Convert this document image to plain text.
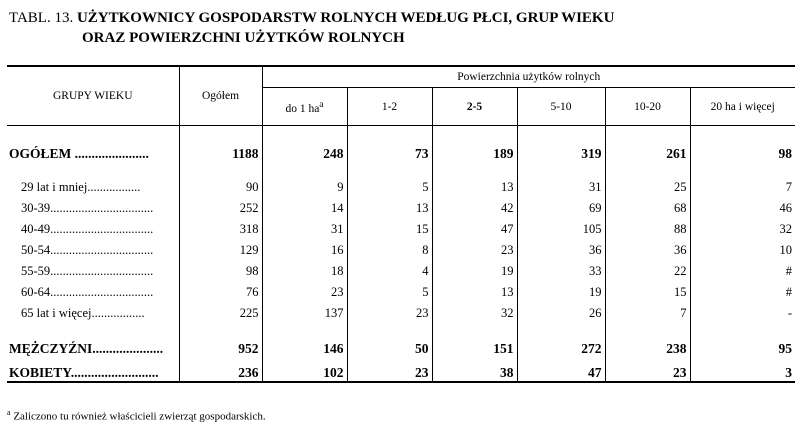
TABL. 13. UŻYTKOWNICY GOSPODARSTW ROLNYCH WEDŁUG PŁCI, GRUP WIEKU
ORAZ POWIERZCHNI UŻYTKÓW ROLNYCH
GRUPY WIEKU	Ogółem	Powierzchnia użytków rolnych					
		do 1 $ha^a$	1-2	2-5	5-10	10-20	20 ha i więcej

OGÓŁEM ......................	1188	248	73	189	319	261	98

29 lat i mniej.................	90	9	5	13	31	25	7
30-39.................................	252	14	13	42	69	68	46
40-49.................................	318	31	15	47	105	88	32
50-54.................................	129	16	8	23	36	36	10
55-59.................................	98	18	4	19	33	22	#
60-64.................................	76	23	5	13	19	15	#
65 lat i więcej.................	225	137	23	32	26	7	-

MĘŻCZYŹNI.....................	952	146	50	151	272	238	95
KOBIETY..........................	236	102	23	38	47	23	3
$^a$ Zaliczono tu również właścicieli zwierząt gospodarskich.
